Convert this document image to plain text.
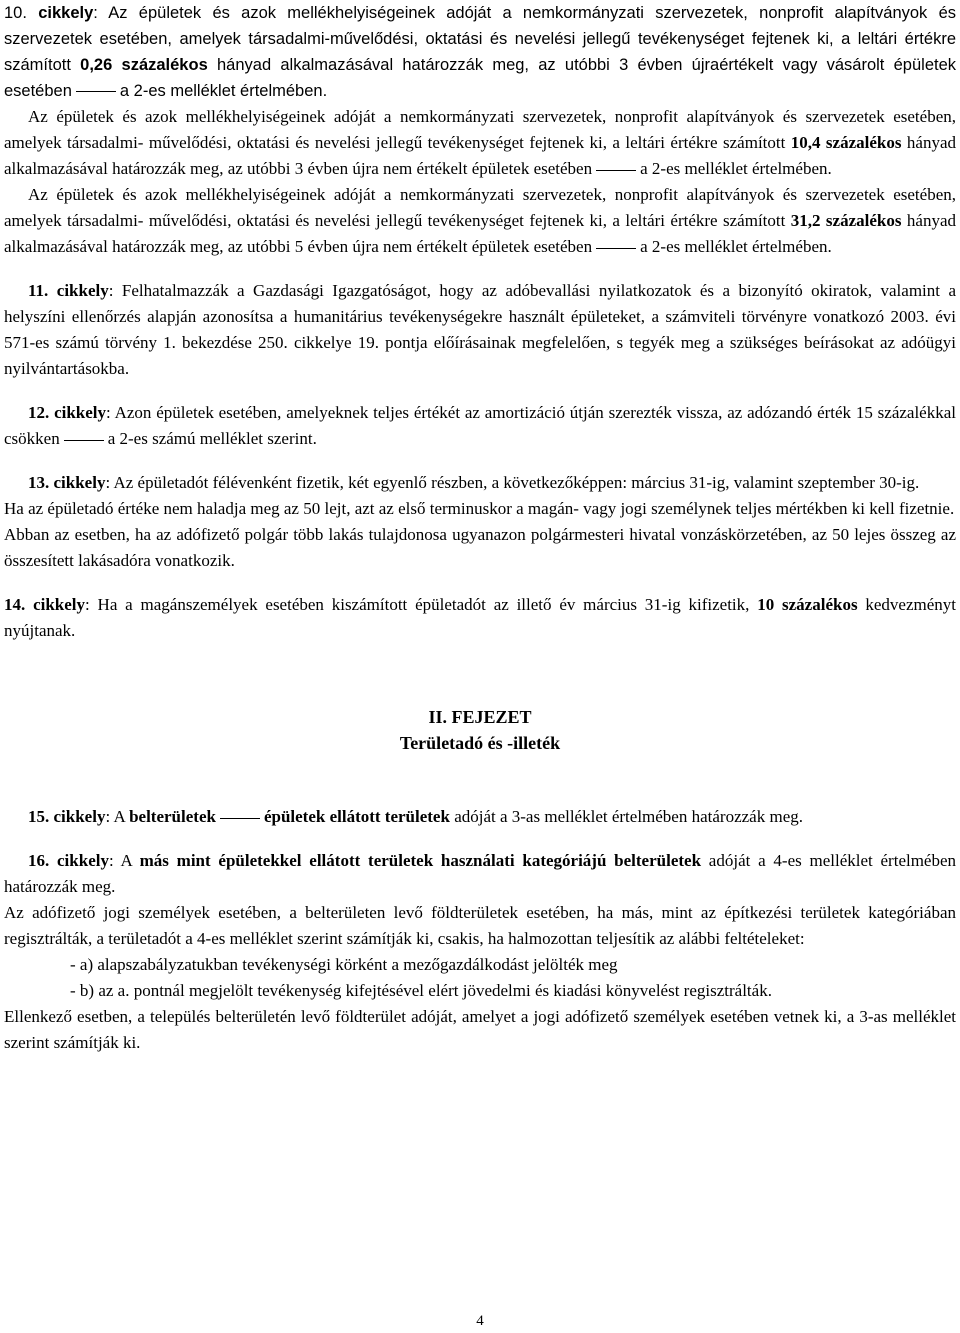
10. cikkely: Az épületek és azok mellékhelyiségeinek adóját a nemkormányzati szervezetek, nonprofit alapítványok és szervezetek esetében, amelyek társadalmi-művelődési, oktatási és nevelési jellegű tevékenységet fejtenek ki, a leltári értékre számított 0,26 százalékos hányad alkalmazásával határozzák meg, az utóbbi 3 évben újraértékelt vagy vásárolt épületek esetében	a 2-es melléklet értelmében.

Az épületek és azok mellékhelyiségeinek adóját a nemkormányzati szervezetek, nonprofit alapítványok és szervezetek esetében, amelyek társadalmi- művelődési, oktatási és nevelési jellegű tevékenységet fejtenek ki, a leltári értékre számított 10,4 százalékos hányad alkalmazásával határozzák meg, az utóbbi 3 évben újra nem értékelt épületek esetében	a 2-es melléklet értelmében.

Az épületek és azok mellékhelyiségeinek adóját a nemkormányzati szervezetek, nonprofit alapítványok és szervezetek esetében, amelyek társadalmi- művelődési, oktatási és nevelési jellegű tevékenységet fejtenek ki, a leltári értékre számított 31,2 százalékos hányad alkalmazásával határozzák meg, az utóbbi 5 évben újra nem értékelt épületek esetében	a 2-es melléklet értelmében.

11. cikkely: Felhatalmazzák a Gazdasági Igazgatóságot, hogy az adóbevallási nyilatkozatok és a bizonyító okiratok, valamint a helyszíni ellenőrzés alapján azonosítsa a humanitárius tevékenységekre használt épületeket, a számviteli törvényre vonatkozó 2003. évi 571-es számú törvény 1. bekezdése 250. cikkelye 19. pontja előírásainak megfelelően, s tegyék meg a szükséges beírásokat az adóügyi nyilvántartásokba.

12. cikkely: Azon épületek esetében, amelyeknek teljes értékét az amortizáció útján szerezték vissza, az adózandó érték 15 százalékkal csökken	a 2-es számú melléklet szerint.

13. cikkely: Az épületadót félévenként fizetik, két egyenlő részben, a következőképpen: március 31-ig, valamint szeptember 30-ig.

Ha az épületadó értéke nem haladja meg az 50 lejt, azt az első terminuskor a magán- vagy jogi személynek teljes mértékben ki kell fizetnie.

Abban az esetben, ha az adófizető polgár több lakás tulajdonosa ugyanazon polgármesteri hivatal vonzáskörzetében, az 50 lejes összeg az összesített lakásadóra vonatkozik.

14. cikkely: Ha a magánszemélyek esetében kiszámított épületadót az illető év március 31-ig kifizetik, 10 százalékos kedvezményt nyújtanak.

II. FEJEZET

Területadó és -illeték

15. cikkely: A belterületek	épületek ellátott területek adóját a 3-as melléklet értelmében határozzák meg.

16. cikkely: A más mint épületekkel ellátott területek használati kategóriájú belterületek adóját a 4-es melléklet értelmében határozzák meg.

Az adófizető jogi személyek esetében, a belterületen levő földterületek esetében, ha más, mint az építkezési területek kategóriában regisztrálták, a területadót a 4-es melléklet szerint számítják ki, csakis, ha halmozottan teljesítik az alábbi feltételeket:

- a) alapszabályzatukban tevékenységi körként a mezőgazdálkodást jelölték meg

- b) az a. pontnál megjelölt tevékenység kifejtésével elért jövedelmi és kiadási könyvelést regisztrálták.

Ellenkező esetben, a település belterületén levő földterület adóját, amelyet a jogi adófizető személyek esetében vetnek ki, a 3-as melléklet szerint számítják ki.

4
